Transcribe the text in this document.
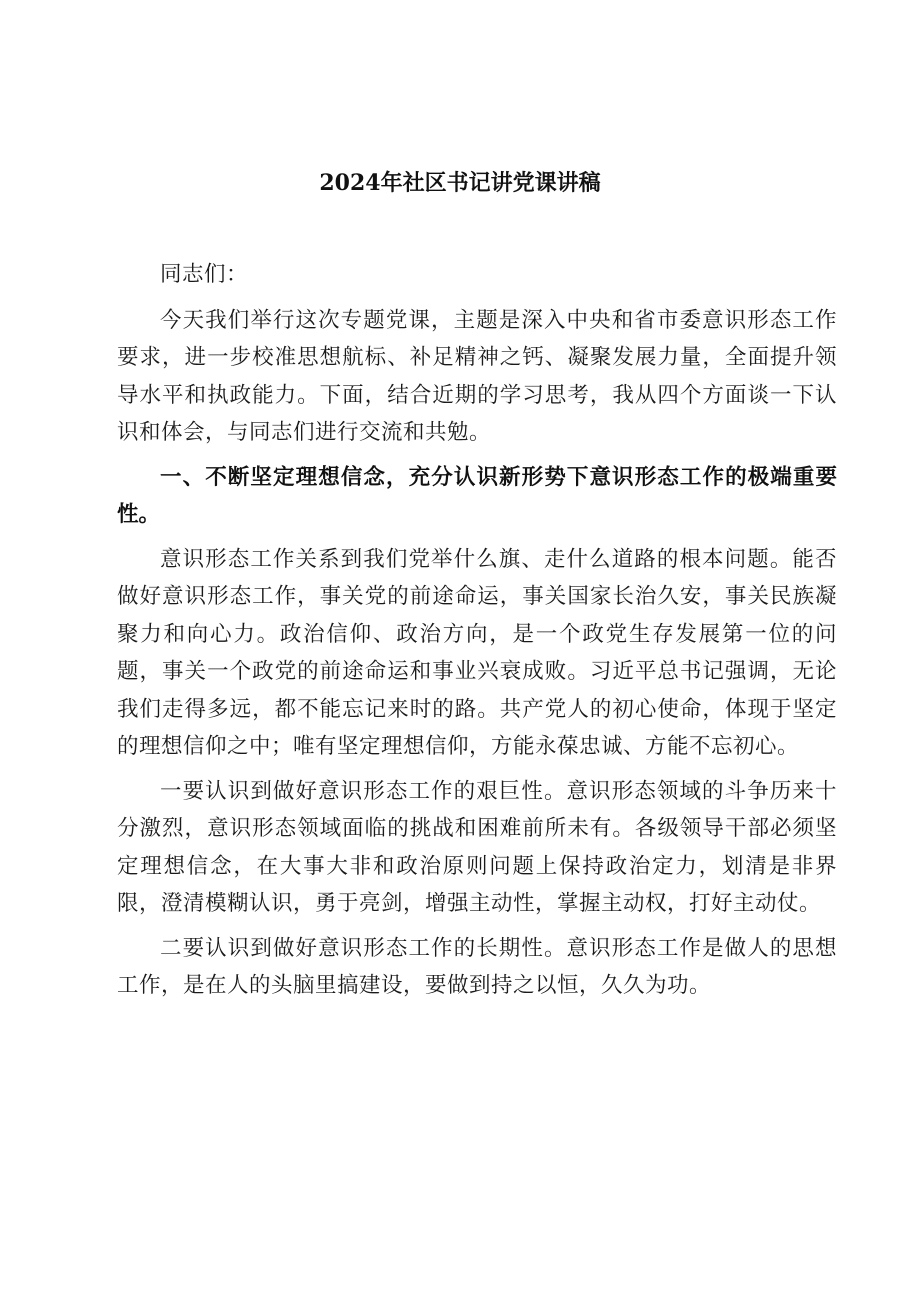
2024年社区书记讲党课讲稿

同志们：

今天我们举行这次专题党课，主题是深入中央和省市委意识形态工作要求，进一步校准思想航标、补足精神之钙、凝聚发展力量，全面提升领导水平和执政能力。下面，结合近期的学习思考，我从四个方面谈一下认识和体会，与同志们进行交流和共勉。

一、不断坚定理想信念，充分认识新形势下意识形态工作的极端重要性。

意识形态工作关系到我们党举什么旗、走什么道路的根本问题。能否做好意识形态工作，事关党的前途命运，事关国家长治久安，事关民族凝聚力和向心力。政治信仰、政治方向，是一个政党生存发展第一位的问题，事关一个政党的前途命运和事业兴衰成败。习近平总书记强调，无论我们走得多远，都不能忘记来时的路。共产党人的初心使命，体现于坚定的理想信仰之中；唯有坚定理想信仰，方能永葆忠诚、方能不忘初心。

一要认识到做好意识形态工作的艰巨性。意识形态领域的斗争历来十分激烈，意识形态领域面临的挑战和困难前所未有。各级领导干部必须坚定理想信念，在大事大非和政治原则问题上保持政治定力，划清是非界限，澄清模糊认识，勇于亮剑，增强主动性，掌握主动权，打好主动仗。

二要认识到做好意识形态工作的长期性。意识形态工作是做人的思想工作，是在人的头脑里搞建设，要做到持之以恒，久久为功。
